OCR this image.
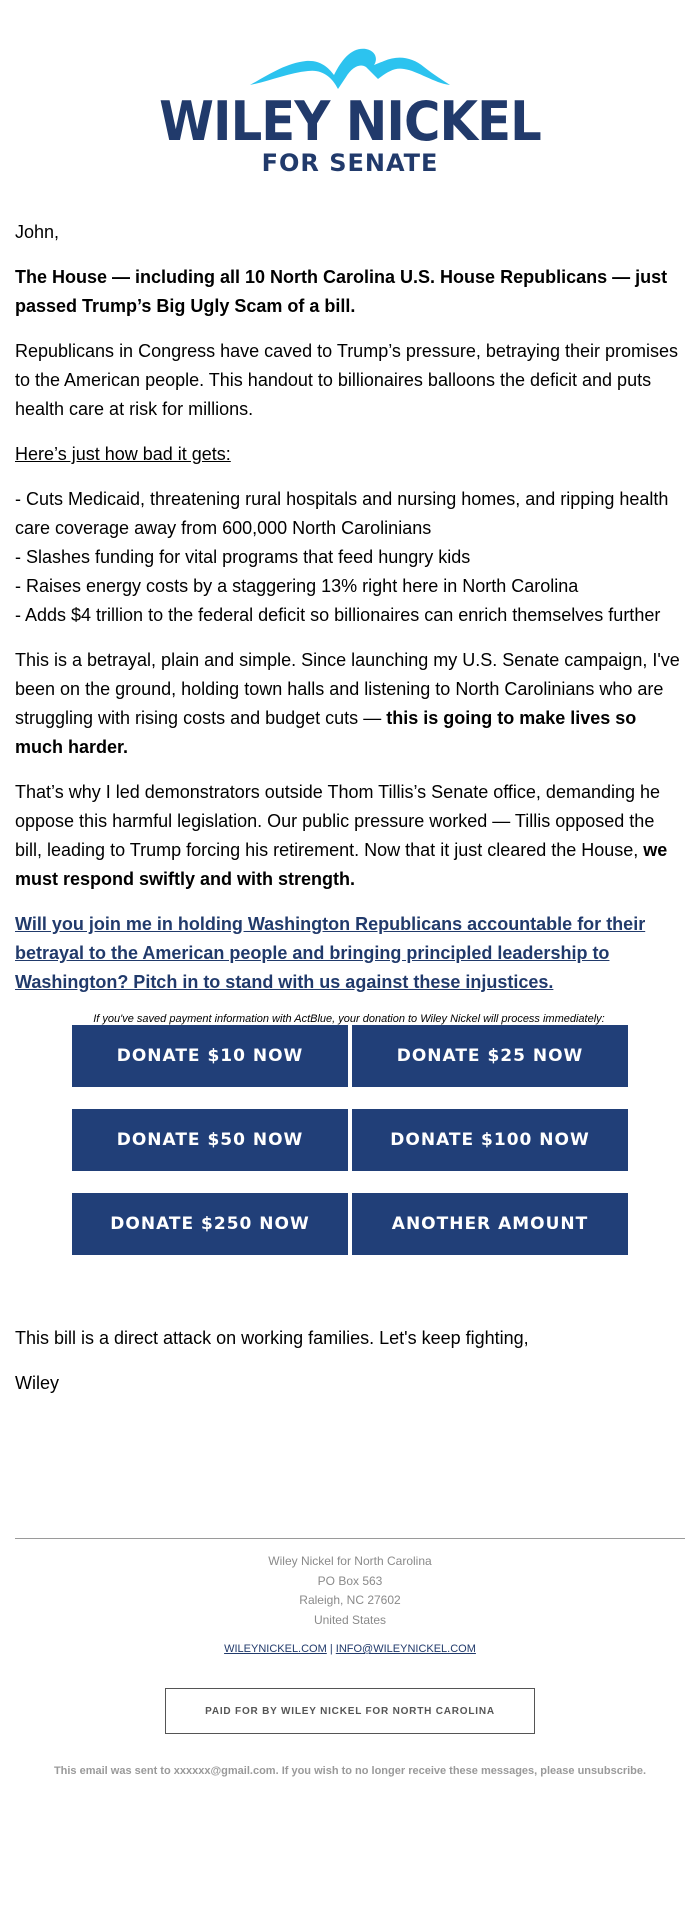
WILEY NICKEL
FOR SENATE

John,

The House — including all 10 North Carolina U.S. House Republicans — just passed Trump’s Big Ugly Scam of a bill.

Republicans in Congress have caved to Trump’s pressure, betraying their promises to the American people. This handout to billionaires balloons the deficit and puts health care at risk for millions.

Here’s just how bad it gets:

- Cuts Medicaid, threatening rural hospitals and nursing homes, and ripping health care coverage away from 600,000 North Carolinians

- Slashes funding for vital programs that feed hungry kids

- Raises energy costs by a staggering 13% right here in North Carolina

- Adds $4 trillion to the federal deficit so billionaires can enrich themselves further

This is a betrayal, plain and simple. Since launching my U.S. Senate campaign, I've been on the ground, holding town halls and listening to North Carolinians who are struggling with rising costs and budget cuts — this is going to make lives so much harder.

That’s why I led demonstrators outside Thom Tillis’s Senate office, demanding he oppose this harmful legislation. Our public pressure worked — Tillis opposed the bill, leading to Trump forcing his retirement. Now that it just cleared the House, we must respond swiftly and with strength.

Will you join me in holding Washington Republicans accountable for their betrayal to the American people and bringing principled leadership to Washington? Pitch in to stand with us against these injustices.

If you've saved payment information with ActBlue, your donation to Wiley Nickel will process immediately:

DONATE $10 NOW	DONATE $25 NOW
DONATE $50 NOW	DONATE $100 NOW
DONATE $250 NOW	ANOTHER AMOUNT

This bill is a direct attack on working families. Let's keep fighting,

Wiley

Wiley Nickel for North Carolina
PO Box 563
Raleigh, NC 27602
United States
WILEYNICKEL.COM | INFO@WILEYNICKEL.COM
PAID FOR BY WILEY NICKEL FOR NORTH CAROLINA
This email was sent to xxxxxx@gmail.com. If you wish to no longer receive these messages, please unsubscribe.
